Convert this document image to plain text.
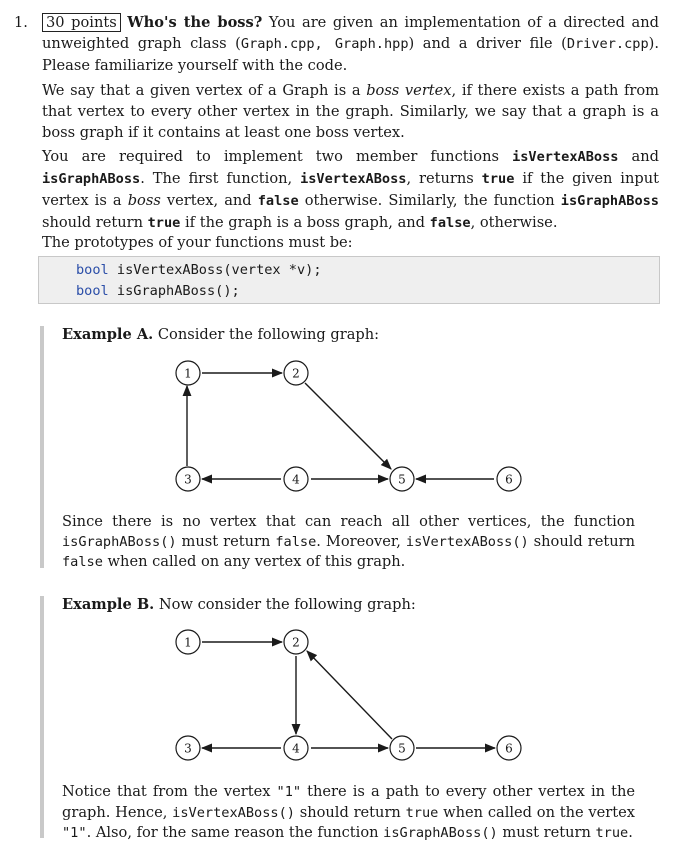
1. 30 points Who's the boss? You are given an implementation of a directed and unweighted graph class (Graph.cpp, Graph.hpp) and a driver file (Driver.cpp). Please familiarize yourself with the code.

We say that a given vertex of a Graph is a boss vertex, if there exists a path from that vertex to every other vertex in the graph. Similarly, we say that a graph is a boss graph if it contains at least one boss vertex.

You are required to implement two member functions isVertexABoss and isGraphABoss. The first function, isVertexABoss, returns true if the given input vertex is a boss vertex, and false otherwise. Similarly, the function isGraphABoss should return true if the graph is a boss graph, and false, otherwise.

The prototypes of your functions must be:

bool isVertexABoss(vertex *v);
bool isGraphABoss();

Example A. Consider the following graph:

1	2
3	4	5	6
1	2
3	4	5	6

Since there is no vertex that can reach all other vertices, the function isGraphABoss() must return false. Moreover, isVertexABoss() should return false when called on any vertex of this graph.

Example B. Now consider the following graph:

Notice that from the vertex "1" there is a path to every other vertex in the graph. Hence, isVertexABoss() should return true when called on the vertex "1". Also, for the same reason the function isGraphABoss() must return true.
